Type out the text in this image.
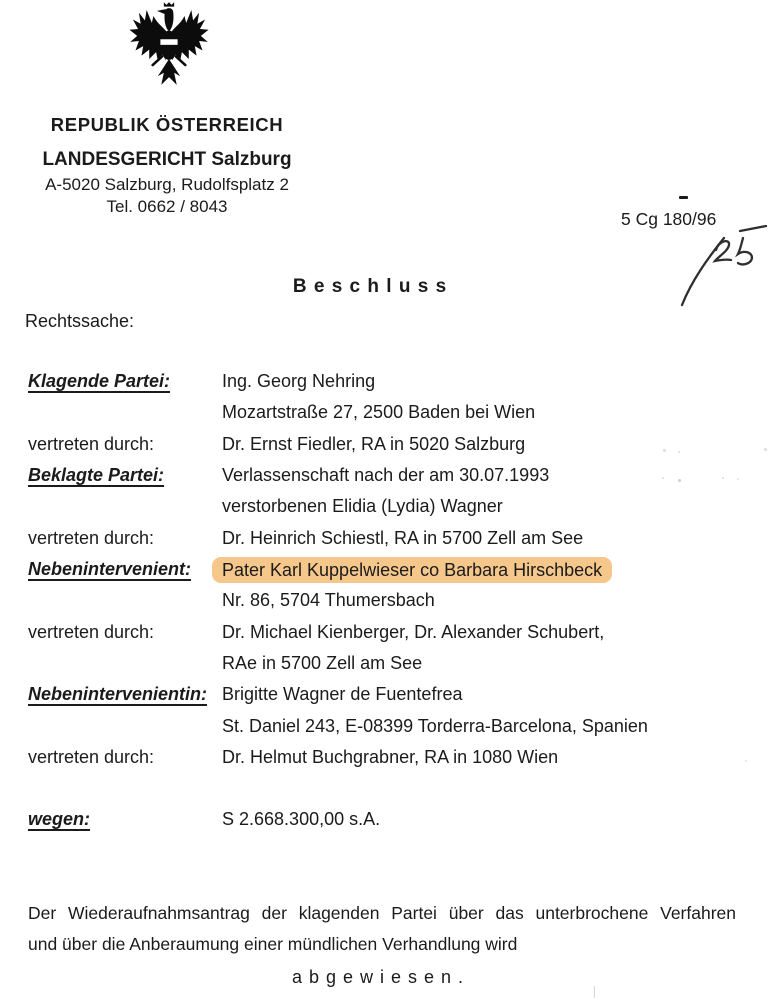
REPUBLIK ÖSTERREICH
LANDESGERICHT Salzburg
A-5020 Salzburg, Rudolfsplatz 2
Tel. 0662 / 8043
5 Cg 180/96
B e s c h l u s s
Rechtssache:
Klagende Partei:	Ing. Georg Nehring
Mozartstraße 27, 2500 Baden bei Wien
vertreten durch:	Dr. Ernst Fiedler, RA in 5020 Salzburg
Beklagte Partei:	Verlassenschaft nach der am 30.07.1993
verstorbenen Elidia (Lydia) Wagner
vertreten durch:	Dr. Heinrich Schiestl, RA in 5700 Zell am See
Nebenintervenient:	Pater Karl Kuppelwieser co Barbara Hirschbeck
Nr. 86, 5704 Thumersbach
vertreten durch:	Dr. Michael Kienberger, Dr. Alexander Schubert,
RAe in 5700 Zell am See
Nebenintervenientin: Brigitte Wagner de Fuentefrea
St. Daniel 243, E-08399 Torderra-Barcelona, Spanien
vertreten durch:	Dr. Helmut Buchgrabner, RA in 1080 Wien
wegen:	S 2.668.300,00 s.A.
Der Wiederaufnahmsantrag der klagenden Partei über das unterbrochene Verfahren
und über die Anberaumung einer mündlichen Verhandlung wird
a b g e w i e s e n .
